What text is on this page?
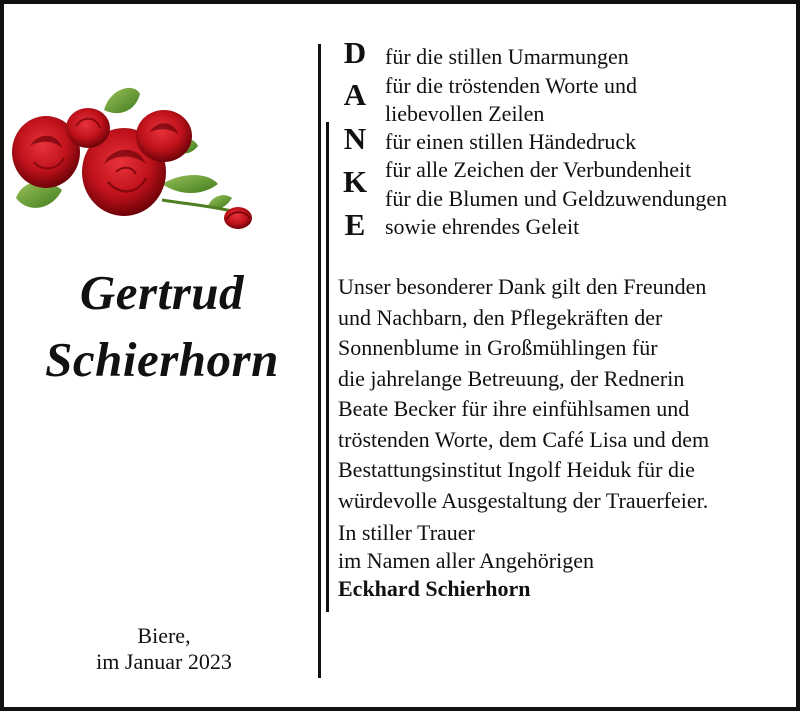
Gertrud
Schierhorn
Biere,
im Januar 2023
D
A
N
K
E
für die stillen Umarmungen
für die tröstenden Worte und
liebevollen Zeilen
für einen stillen Händedruck
für alle Zeichen der Verbundenheit
für die Blumen und Geldzuwendungen
sowie ehrendes Geleit
Unser besonderer Dank gilt den Freunden
und Nachbarn, den Pflegekräften der
Sonnenblume in Großmühlingen für
die jahrelange Betreuung, der Rednerin
Beate Becker für ihre einfühlsamen und
tröstenden Worte, dem Café Lisa und dem
Bestattungsinstitut Ingolf Heiduk für die
würdevolle Ausgestaltung der Trauerfeier.
In stiller Trauer
im Namen aller Angehörigen
Eckhard Schierhorn
